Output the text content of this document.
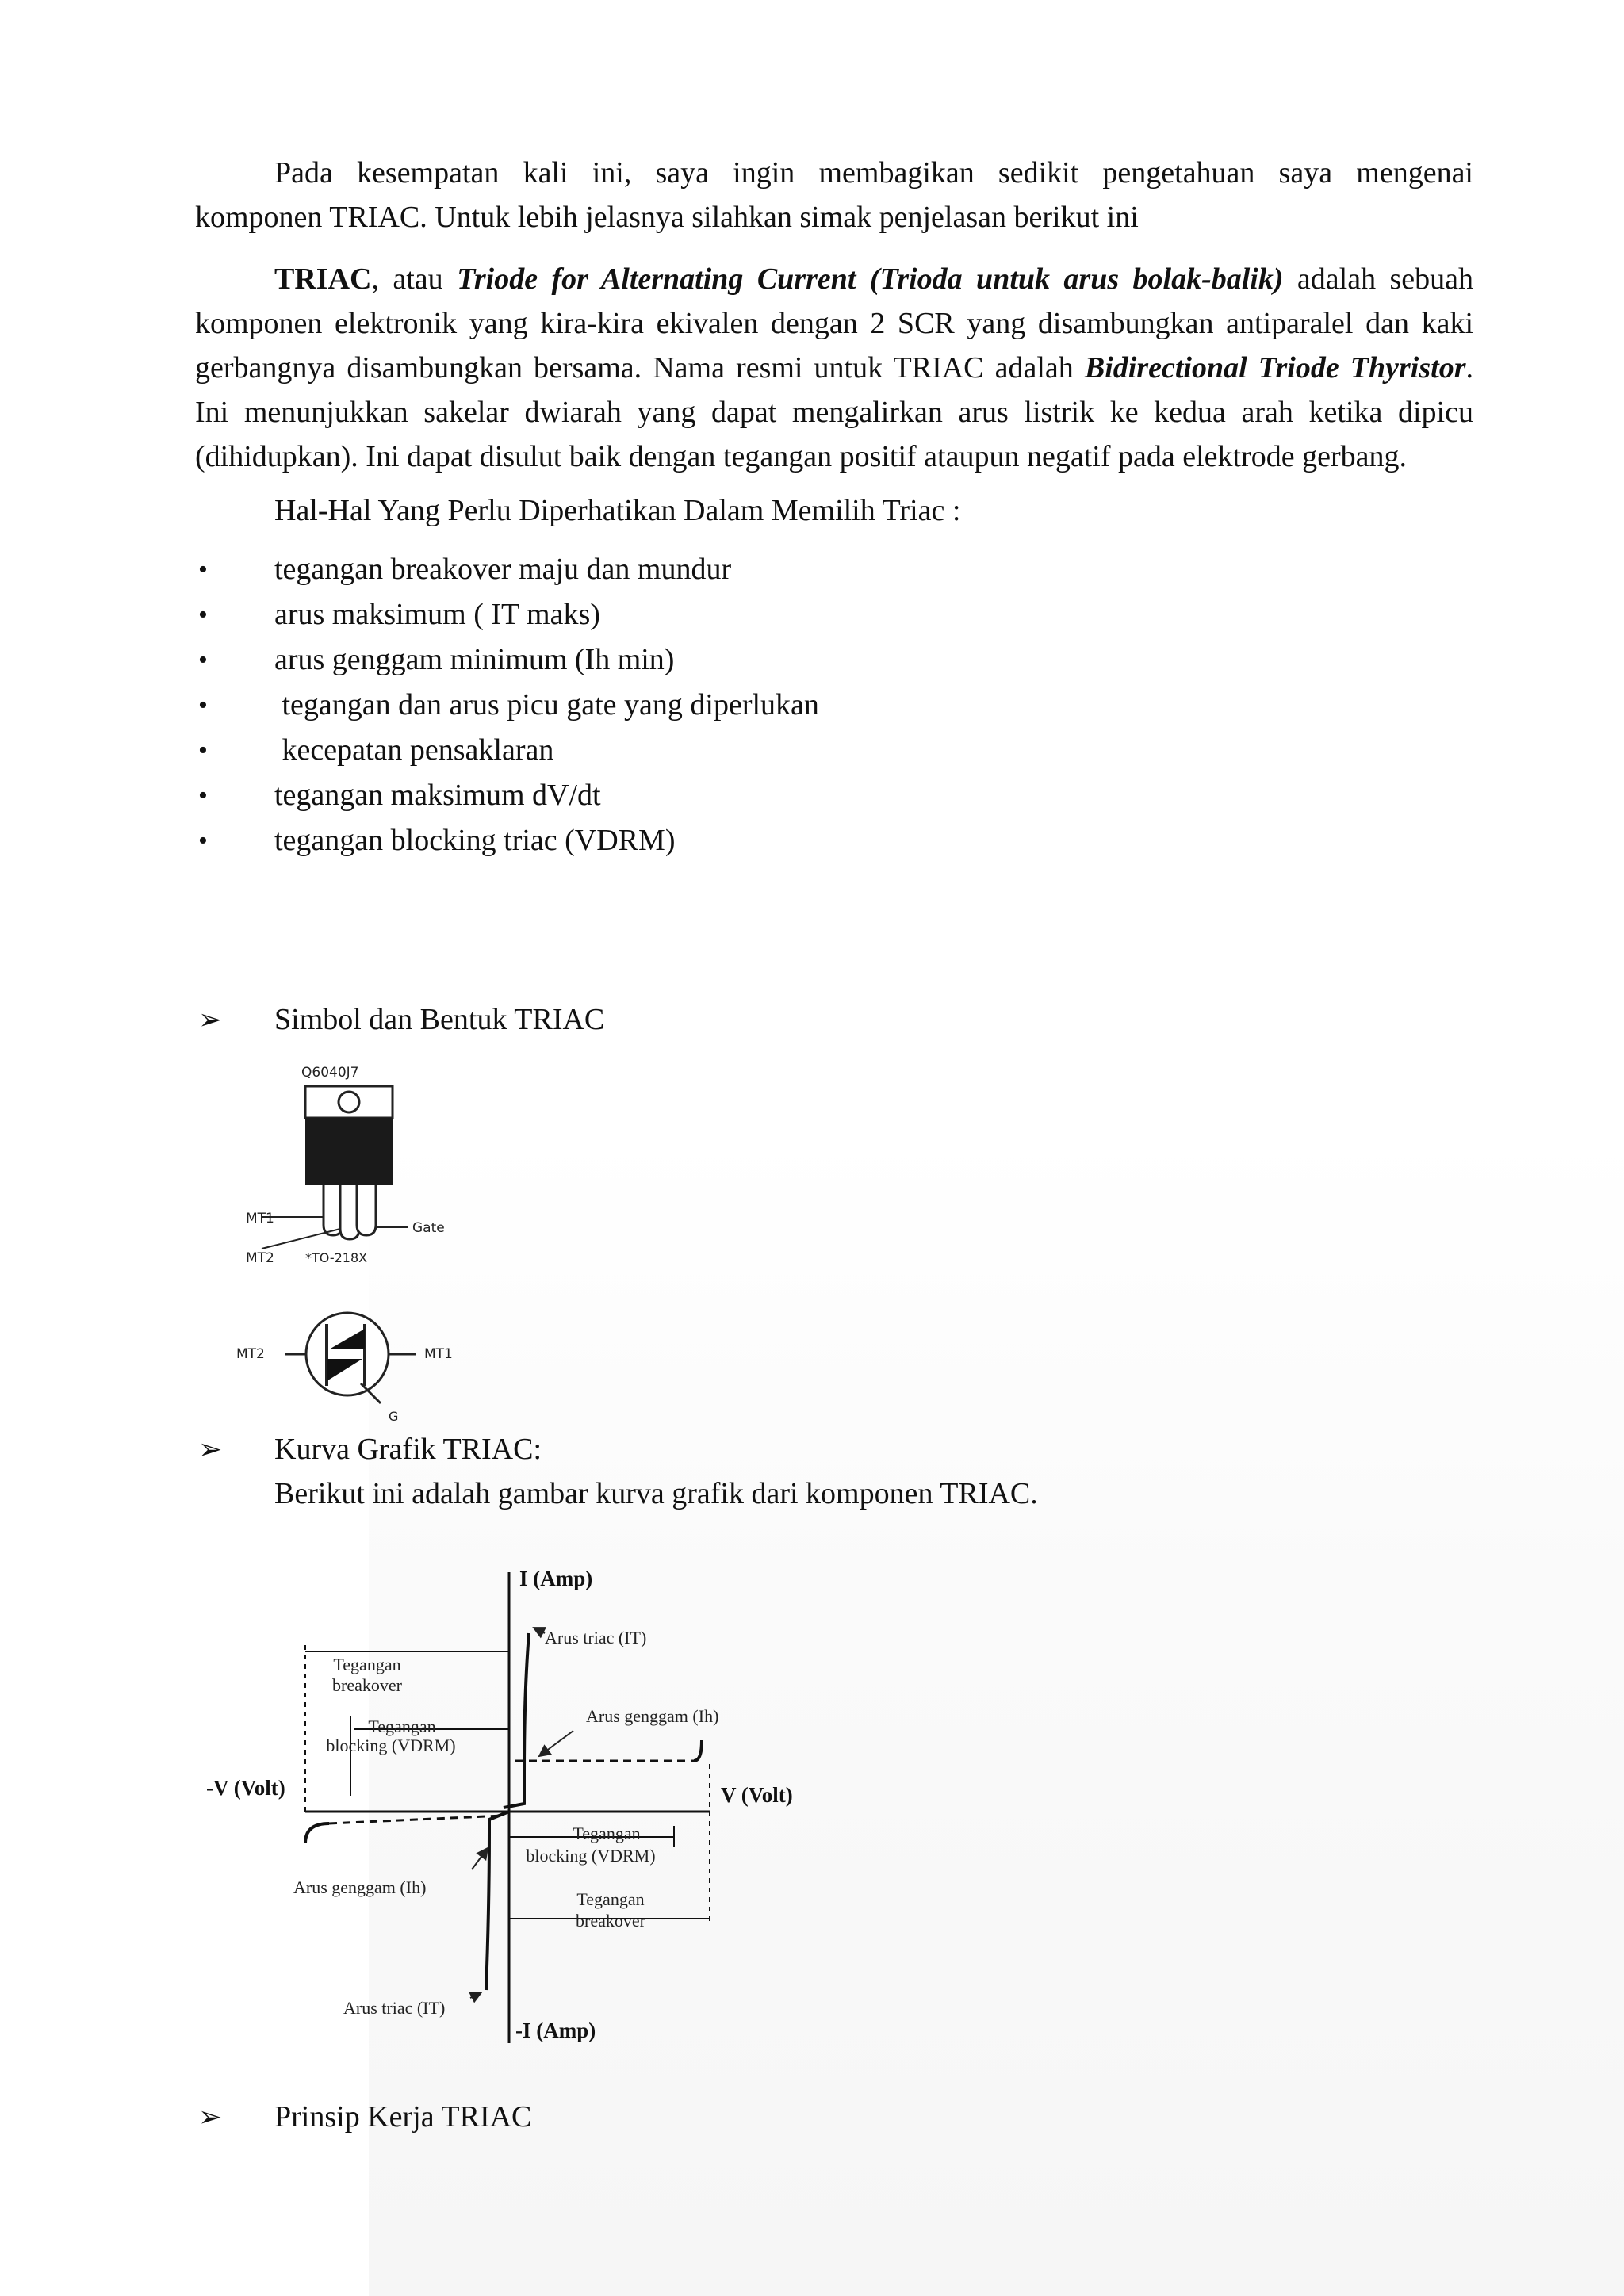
Pada kesempatan kali ini, saya ingin membagikan sedikit pengetahuan saya mengenai

komponen TRIAC. Untuk lebih jelasnya silahkan simak penjelasan berikut ini

TRIAC, atau Triode for Alternating Current (Trioda untuk arus bolak-balik) adalah sebuah komponen elektronik yang kira-kira ekivalen dengan 2 SCR yang disambungkan antiparalel dan kaki gerbangnya disambungkan bersama. Nama resmi untuk TRIAC adalah Bidirectional Triode Thyristor. Ini menunjukkan sakelar dwiarah yang dapat mengalirkan arus listrik ke kedua arah ketika dipicu (dihidupkan). Ini dapat disulut baik dengan tegangan positif ataupun negatif pada elektrode gerbang.

Hal-Hal Yang Perlu Diperhatikan Dalam Memilih Triac :

• tegangan breakover maju dan mundur
• arus maksimum ( IT maks)
• arus genggam minimum (Ih min)
• tegangan dan arus picu gate yang diperlukan
• kecepatan pensaklaran
• tegangan maksimum dV/dt
• tegangan blocking triac (VDRM)
➢ Simbol dan Bentuk TRIAC
Q6040J7
MT1
MT2
Gate
*TO-218X
MT2	MT1
G
➢ Kurva Grafik TRIAC:
Berikut ini adalah gambar kurva grafik dari komponen TRIAC.
I (Amp)
-I (Amp)
V (Volt)
-V (Volt)
Tegangan
breakover
Tegangan
blocking (VDRM)
Tegangan
blocking (VDRM)
Tegangan
breakover
Arus triac (IT)
Arus genggam (Ih)
Arus genggam (Ih)
Arus triac (IT)
➢ Prinsip Kerja TRIAC
